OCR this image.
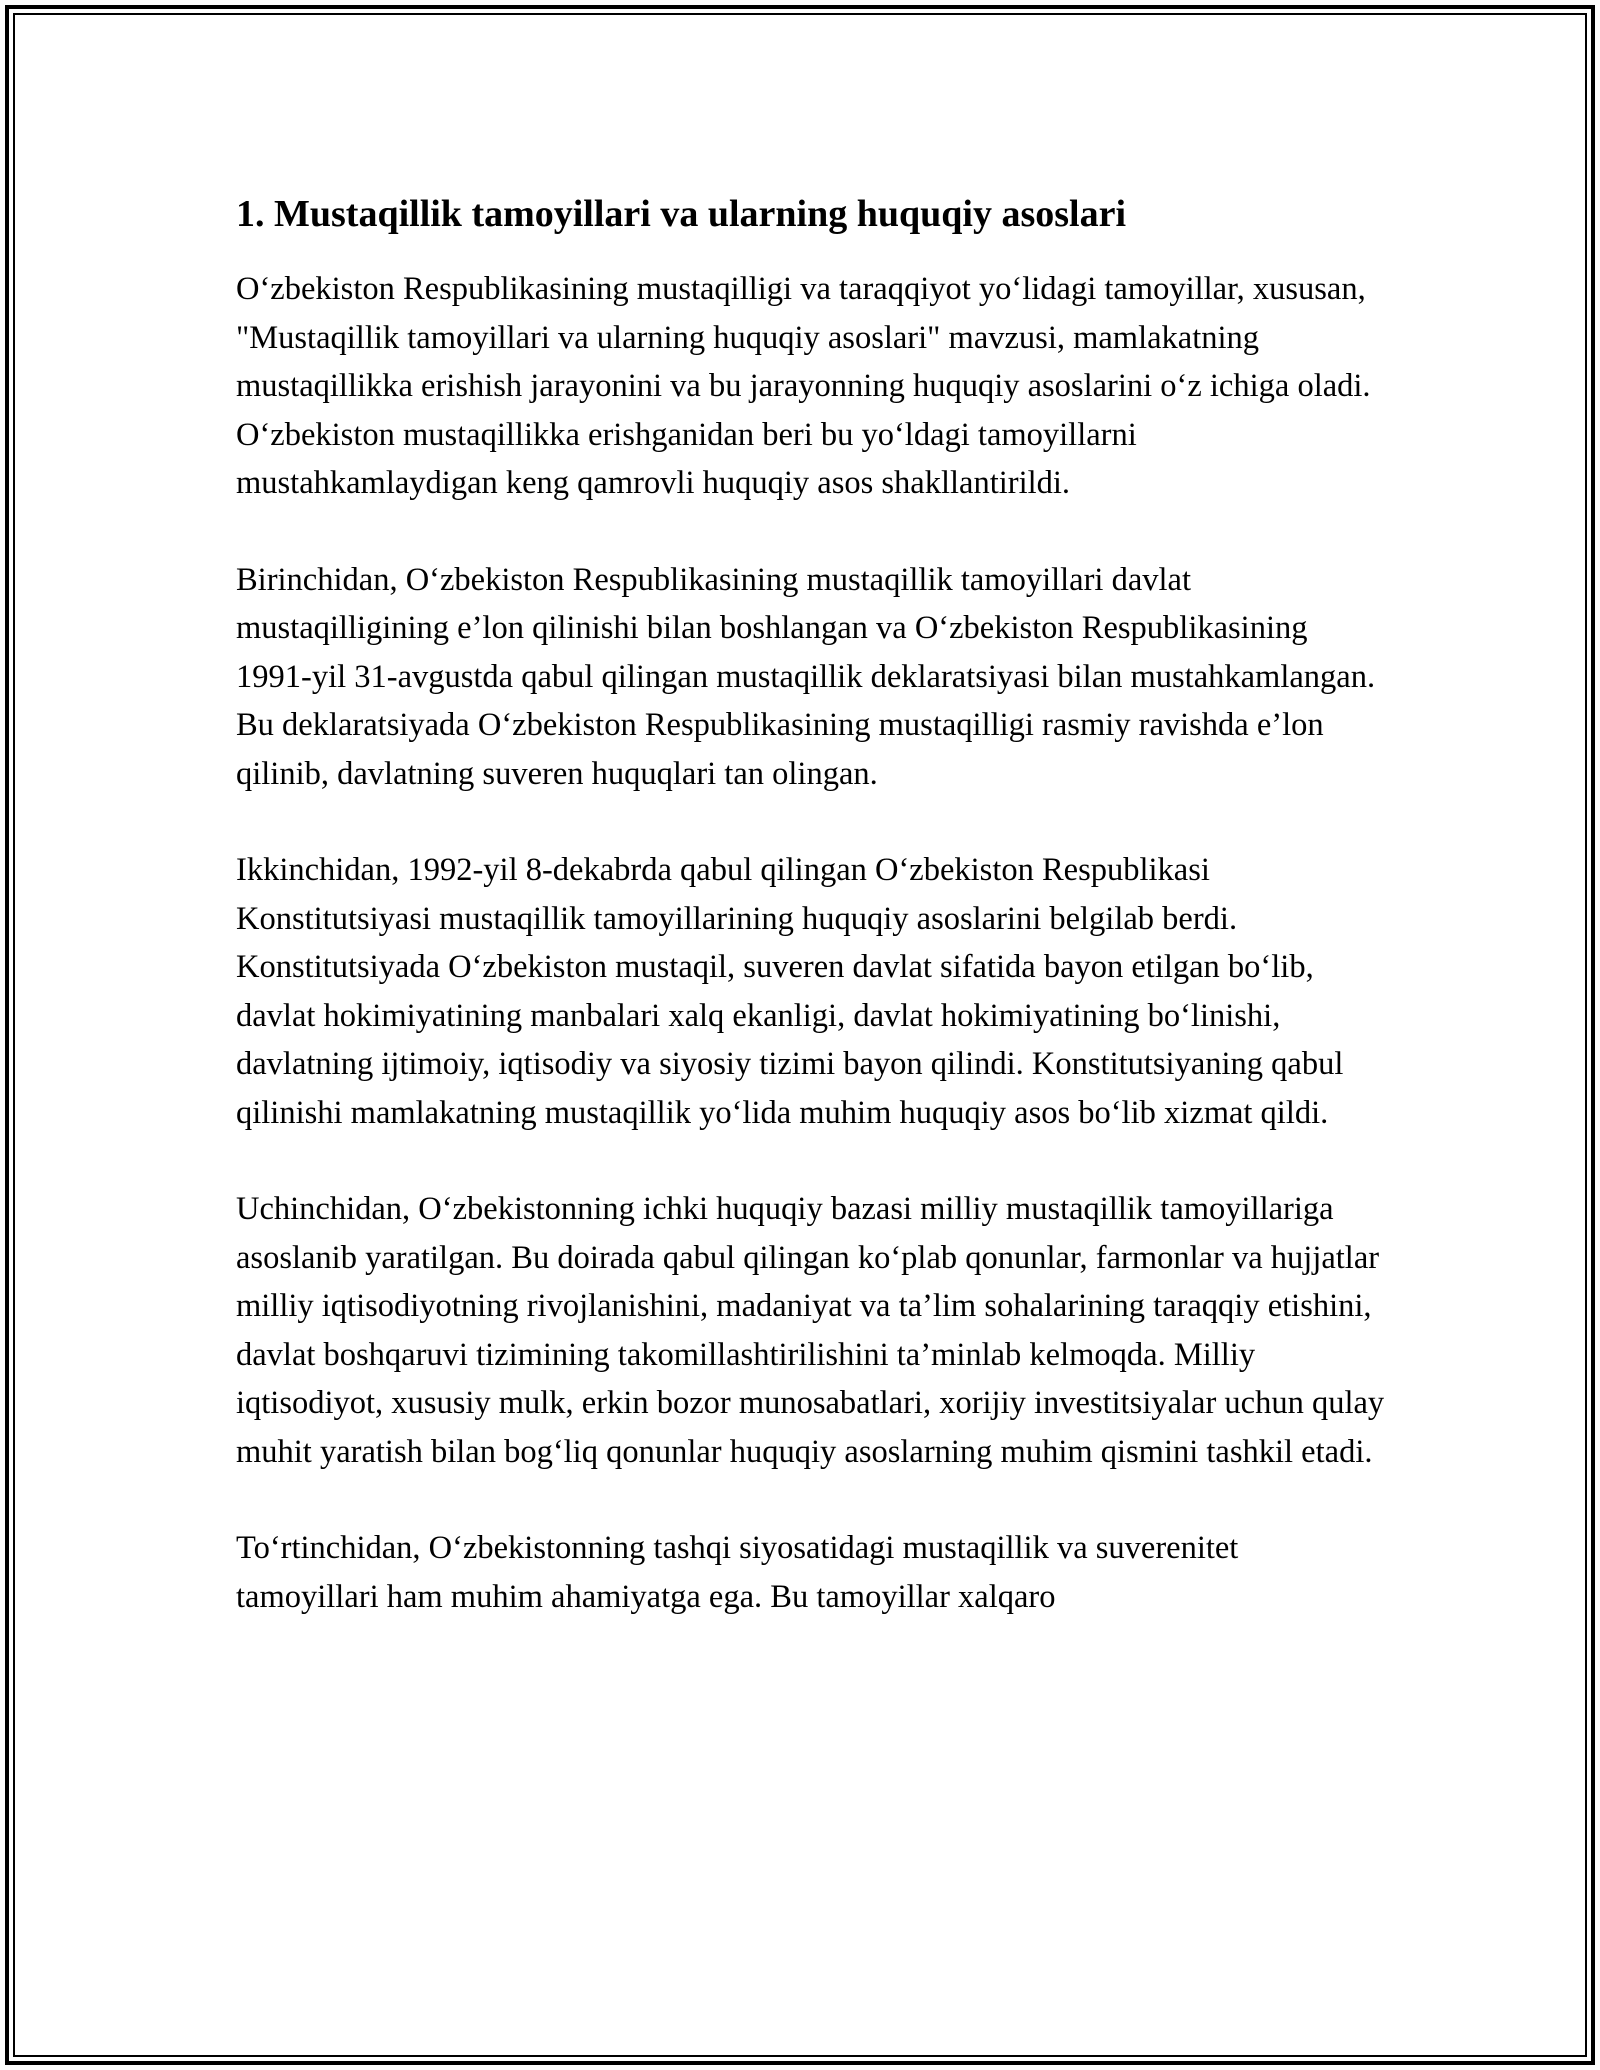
1. Mustaqillik tamoyillari va ularning huquqiy asoslari

O‘zbekiston Respublikasining mustaqilligi va taraqqiyot yo‘lidagi tamoyillar, xususan, "Mustaqillik tamoyillari va ularning huquqiy asoslari" mavzusi, mamlakatning mustaqillikka erishish jarayonini va bu jarayonning huquqiy asoslarini o‘z ichiga oladi. O‘zbekiston mustaqillikka erishganidan beri bu yo‘ldagi tamoyillarni mustahkamlaydigan keng qamrovli huquqiy asos shakllantirildi.

Birinchidan, O‘zbekiston Respublikasining mustaqillik tamoyillari davlat mustaqilligining e’lon qilinishi bilan boshlangan va O‘zbekiston Respublikasining 1991-yil 31-avgustda qabul qilingan mustaqillik deklaratsiyasi bilan mustahkamlangan. Bu deklaratsiyada O‘zbekiston Respublikasining mustaqilligi rasmiy ravishda e’lon qilinib, davlatning suveren huquqlari tan olingan.

Ikkinchidan, 1992-yil 8-dekabrda qabul qilingan O‘zbekiston Respublikasi Konstitutsiyasi mustaqillik tamoyillarining huquqiy asoslarini belgilab berdi. Konstitutsiyada O‘zbekiston mustaqil, suveren davlat sifatida bayon etilgan bo‘lib, davlat hokimiyatining manbalari xalq ekanligi, davlat hokimiyatining bo‘linishi, davlatning ijtimoiy, iqtisodiy va siyosiy tizimi bayon qilindi. Konstitutsiyaning qabul qilinishi mamlakatning mustaqillik yo‘lida muhim huquqiy asos bo‘lib xizmat qildi.

Uchinchidan, O‘zbekistonning ichki huquqiy bazasi milliy mustaqillik tamoyillariga asoslanib yaratilgan. Bu doirada qabul qilingan ko‘plab qonunlar, farmonlar va hujjatlar milliy iqtisodiyotning rivojlanishini, madaniyat va ta’lim sohalarining taraqqiy etishini, davlat boshqaruvi tizimining takomillashtirilishini ta’minlab kelmoqda. Milliy iqtisodiyot, xususiy mulk, erkin bozor munosabatlari, xorijiy investitsiyalar uchun qulay muhit yaratish bilan bog‘liq qonunlar huquqiy asoslarning muhim qismini tashkil etadi.

To‘rtinchidan, O‘zbekistonning tashqi siyosatidagi mustaqillik va suverenitet tamoyillari ham muhim ahamiyatga ega. Bu tamoyillar xalqaro
